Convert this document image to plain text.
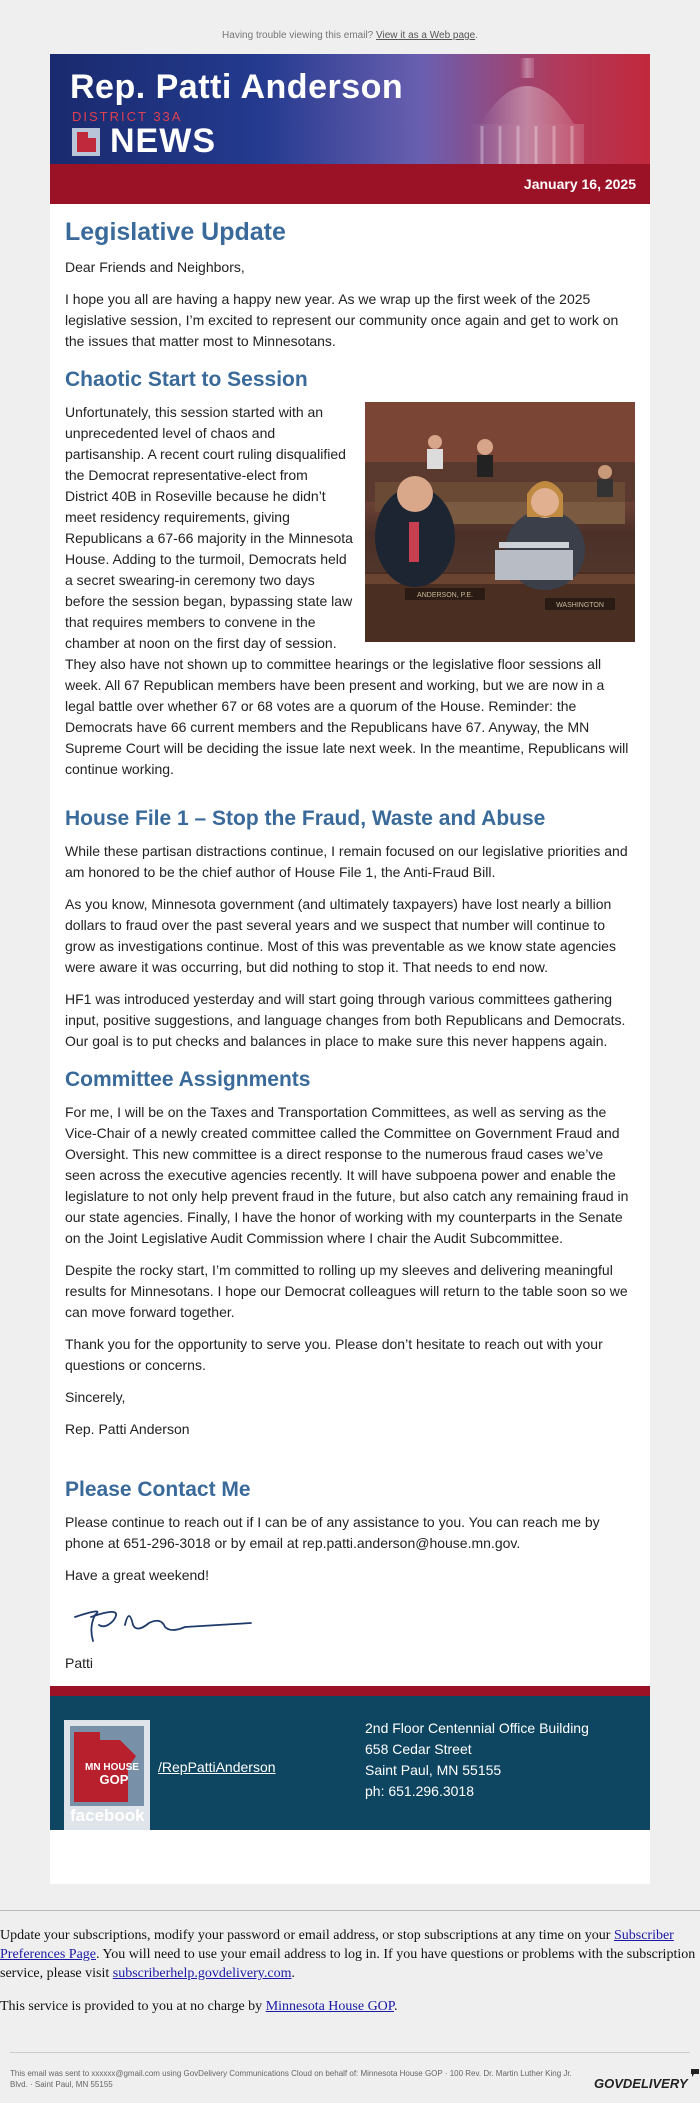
Having trouble viewing this email? View it as a Web page.
Rep. Patti Anderson
DISTRICT 33A
NEWS
January 16, 2025
Legislative Update

Dear Friends and Neighbors,

I hope you all are having a happy new year. As we wrap up the first week of the 2025 legislative session, I’m excited to represent our community once again and get to work on the issues that matter most to Minnesotans.

Chaotic Start to Session
ANDERSON, P.E.
WASHINGTON

Unfortunately, this session started with an unprecedented level of chaos and partisanship. A recent court ruling disqualified the Democrat representative-elect from District 40B in Roseville because he didn’t meet residency requirements, giving Republicans a 67-66 majority in the Minnesota House. Adding to the turmoil, Democrats held a secret swearing-in ceremony two days before the session began, bypassing state law that requires members to convene in the chamber at noon on the first day of session. They also have not shown up to committee hearings or the legislative floor sessions all week. All 67 Republican members have been present and working, but we are now in a legal battle over whether 67 or 68 votes are a quorum of the House. Reminder: the Democrats have 66 current members and the Republicans have 67. Anyway, the MN Supreme Court will be deciding the issue late next week. In the meantime, Republicans will continue working.

House File 1 – Stop the Fraud, Waste and Abuse

While these partisan distractions continue, I remain focused on our legislative priorities and am honored to be the chief author of House File 1, the Anti-Fraud Bill.

As you know, Minnesota government (and ultimately taxpayers) have lost nearly a billion dollars to fraud over the past several years and we suspect that number will continue to grow as investigations continue. Most of this was preventable as we know state agencies were aware it was occurring, but did nothing to stop it. That needs to end now.

HF1 was introduced yesterday and will start going through various committees gathering input, positive suggestions, and language changes from both Republicans and Democrats. Our goal is to put checks and balances in place to make sure this never happens again.

Committee Assignments

For me, I will be on the Taxes and Transportation Committees, as well as serving as the Vice-Chair of a newly created committee called the Committee on Government Fraud and Oversight. This new committee is a direct response to the numerous fraud cases we’ve seen across the executive agencies recently. It will have subpoena power and enable the legislature to not only help prevent fraud in the future, but also catch any remaining fraud in our state agencies. Finally, I have the honor of working with my counterparts in the Senate on the Joint Legislative Audit Commission where I chair the Audit Subcommittee.

Despite the rocky start, I’m committed to rolling up my sleeves and delivering meaningful results for Minnesotans. I hope our Democrat colleagues will return to the table soon so we can move forward together.

Thank you for the opportunity to serve you. Please don’t hesitate to reach out with your questions or concerns.

Sincerely,

Rep. Patti Anderson

Please Contact Me

Please continue to reach out if I can be of any assistance to you. You can reach me by phone at 651-296-3018 or by email at rep.patti.anderson@house.mn.gov.

Have a great weekend!

Patti

MN HOUSE
GOP
facebook
/RepPattiAnderson
2nd Floor Centennial Office Building
658 Cedar Street
Saint Paul, MN 55155
ph: 651.296.3018

Update your subscriptions, modify your password or email address, or stop subscriptions at any time on your Subscriber Preferences Page. You will need to use your email address to log in. If you have questions or problems with the subscription service, please visit subscriberhelp.govdelivery.com.

This service is provided to you at no charge by Minnesota House GOP.

This email was sent to xxxxxx@gmail.com using GovDelivery Communications Cloud on behalf of: Minnesota House GOP · 100 Rev. Dr. Martin Luther King Jr. Blvd. · Saint Paul, MN 55155	GOVDELIVERY
